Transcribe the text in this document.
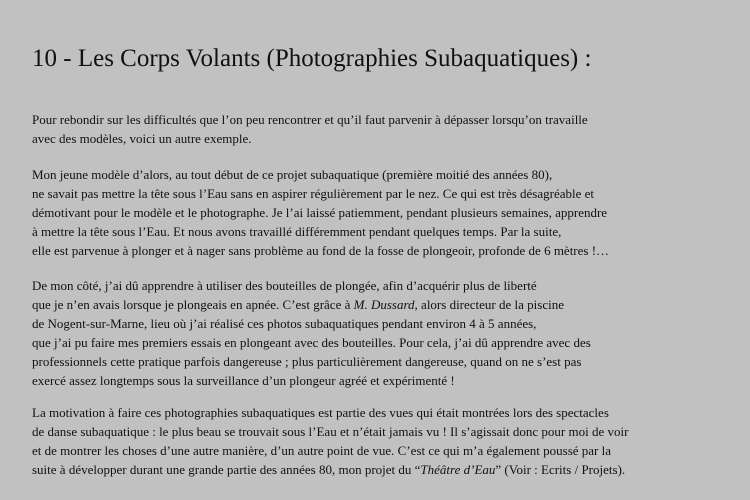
10 - Les Corps Volants (Photographies Subaquatiques) :

Pour rebondir sur les difficultés que l’on peu rencontrer et qu’il faut parvenir à dépasser lorsqu’on travaille
avec des modèles, voici un autre exemple.

Mon jeune modèle d’alors, au tout début de ce projet subaquatique (première moitié des années 80),
ne savait pas mettre la tête sous l’Eau sans en aspirer régulièrement par le nez. Ce qui est très désagréable et
démotivant pour le modèle et le photographe. Je l’ai laissé patiemment, pendant plusieurs semaines, apprendre
à mettre la tête sous l’Eau. Et nous avons travaillé différemment pendant quelques temps. Par la suite,
elle est parvenue à plonger et à nager sans problème au fond de la fosse de plongeoir, profonde de 6 mètres !…

De mon côté, j’ai dû apprendre à utiliser des bouteilles de plongée, afin d’acquérir plus de liberté
que je n’en avais lorsque je plongeais en apnée. C’est grâce à M. Dussard, alors directeur de la piscine
de Nogent-sur-Marne, lieu où j’ai réalisé ces photos subaquatiques pendant environ 4 à 5 années,
que j’ai pu faire mes premiers essais en plongeant avec des bouteilles. Pour cela, j’ai dû apprendre avec des
professionnels cette pratique parfois dangereuse ; plus particulièrement dangereuse, quand on ne s’est pas
exercé assez longtemps sous la surveillance d’un plongeur agréé et expérimenté !

La motivation à faire ces photographies subaquatiques est partie des vues qui était montrées lors des spectacles
de danse subaquatique : le plus beau se trouvait sous l’Eau et n’était jamais vu ! Il s’agissait donc pour moi de voir
et de montrer les choses d’une autre manière, d’un autre point de vue. C’est ce qui m’a également poussé par la
suite à développer durant une grande partie des années 80, mon projet du “Théâtre d’Eau” (Voir : Ecrits / Projets).
